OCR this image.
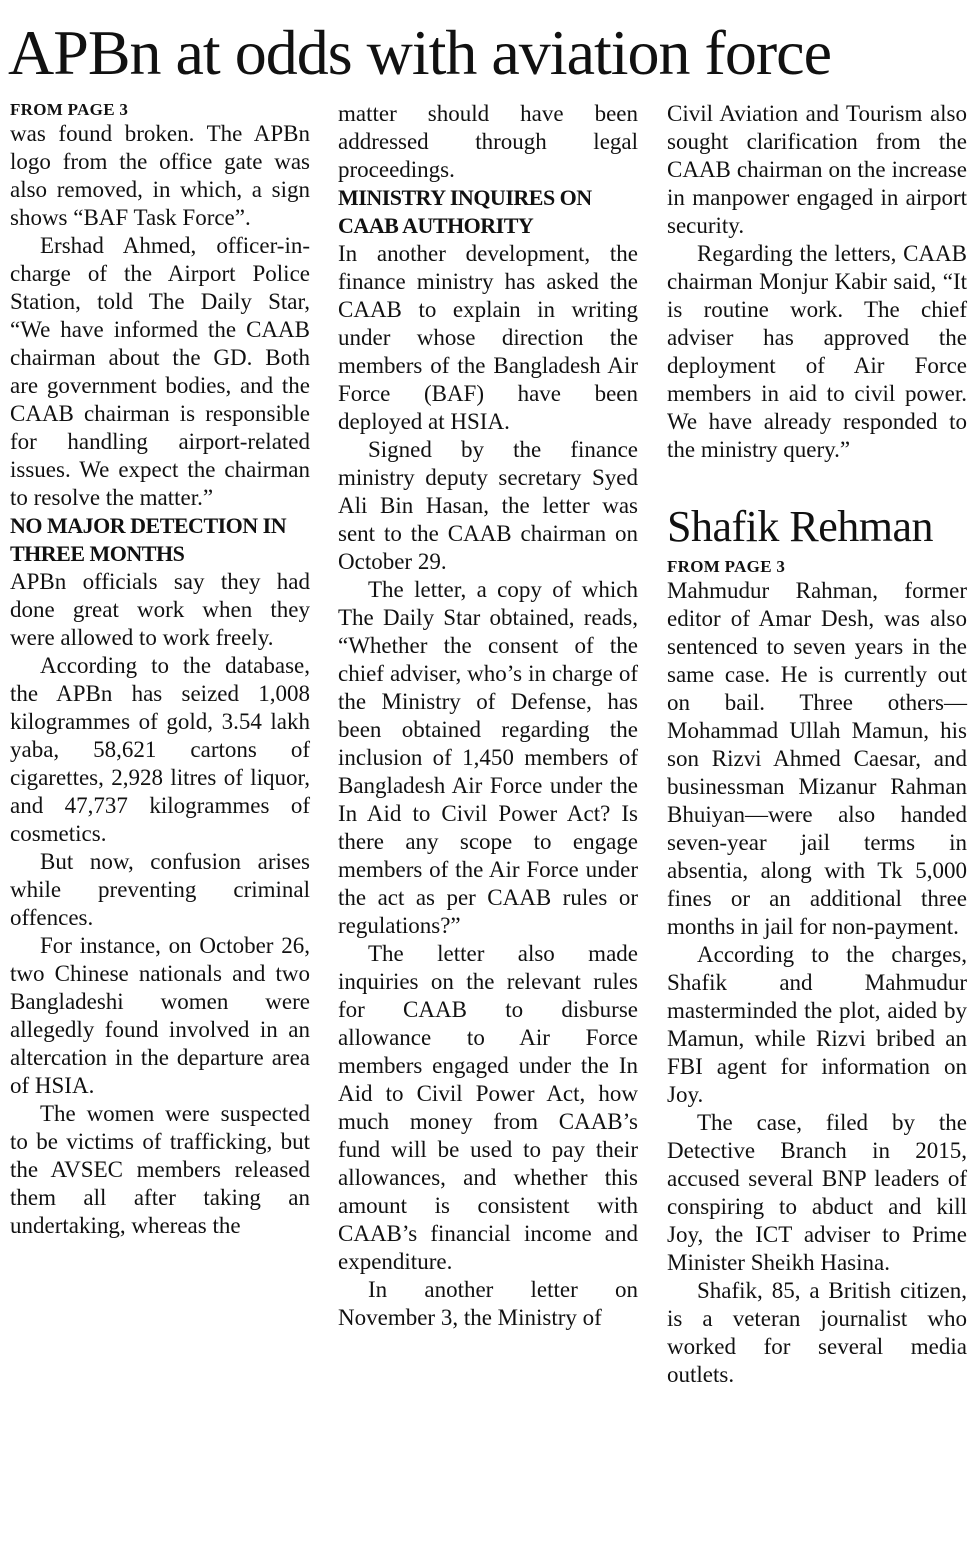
APBn at odds with aviation force
FROM PAGE 3

was found broken. The APBn logo from the office gate was also removed, in which, a sign shows “BAF Task Force”.

Ershad Ahmed, officer-in-charge of the Airport Police Station, told The Daily Star, “We have informed the CAAB chairman about the GD. Both are government bodies, and the CAAB chairman is responsible for handling airport-related issues. We expect the chairman to resolve the matter.”

NO MAJOR DETECTION IN THREE MONTHS

APBn officials say they had done great work when they were allowed to work freely.

According to the database, the APBn has seized 1,008 kilogrammes of gold, 3.54 lakh yaba, 58,621 cartons of cigarettes, 2,928 litres of liquor, and 47,737 kilogrammes of cosmetics.

But now, confusion arises while preventing criminal offences.

For instance, on October 26, two Chinese nationals and two Bangladeshi women were allegedly found involved in an altercation in the departure area of HSIA.

The women were suspected to be victims of trafficking, but the AVSEC members released them all after taking an undertaking, whereas the

matter should have been addressed through legal proceedings.

MINISTRY INQUIRES ON CAAB AUTHORITY

In another development, the finance ministry has asked the CAAB to explain in writing under whose direction the members of the Bangladesh Air Force (BAF) have been deployed at HSIA.

Signed by the finance ministry deputy secretary Syed Ali Bin Hasan, the letter was sent to the CAAB chairman on October 29.

The letter, a copy of which The Daily Star obtained, reads, “Whether the consent of the chief adviser, who’s in charge of the Ministry of Defense, has been obtained regarding the inclusion of 1,450 members of Bangladesh Air Force under the In Aid to Civil Power Act? Is there any scope to engage members of the Air Force under the act as per CAAB rules or regulations?”

The letter also made inquiries on the relevant rules for CAAB to disburse allowance to Air Force members engaged under the In Aid to Civil Power Act, how much money from CAAB’s fund will be used to pay their allowances, and whether this amount is consistent with CAAB’s financial income and expenditure.

In another letter on November 3, the Ministry of

Civil Aviation and Tourism also sought clarification from the CAAB chairman on the increase in manpower engaged in airport security.

Regarding the letters, CAAB chairman Monjur Kabir said, “It is routine work. The chief adviser has approved the deployment of Air Force members in aid to civil power. We have already responded to the ministry query.”

Shafik Rehman
FROM PAGE 3

Mahmudur Rahman, former editor of Amar Desh, was also sentenced to seven years in the same case. He is currently out on bail. Three others—Mohammad Ullah Mamun, his son Rizvi Ahmed Caesar, and businessman Mizanur Rahman Bhuiyan—were also handed seven-year jail terms in absentia, along with Tk 5,000 fines or an additional three months in jail for non-payment.

According to the charges, Shafik and Mahmudur masterminded the plot, aided by Mamun, while Rizvi bribed an FBI agent for information on Joy.

The case, filed by the Detective Branch in 2015, accused several BNP leaders of conspiring to abduct and kill Joy, the ICT adviser to Prime Minister Sheikh Hasina.

Shafik, 85, a British citizen, is a veteran journalist who worked for several media outlets.
